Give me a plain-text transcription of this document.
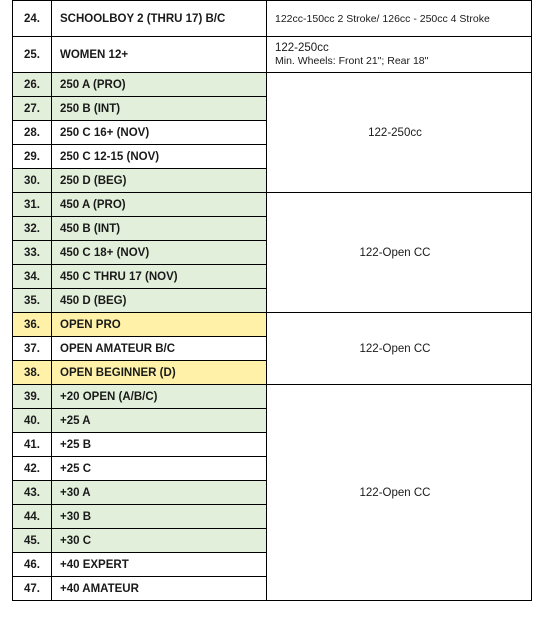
24.	SCHOOLBOY 2 (THRU 17) B/C	122cc-150cc 2 Stroke/ 126cc - 250cc 4 Stroke
25.	WOMEN 12+	122-250cc
Min. Wheels: Front 21"; Rear 18"

26.	250 A (PRO)	122-250cc
27.	250 B (INT)	
28.	250 C 16+ (NOV)	
29.	250 C 12-15 (NOV)	
30.	250 D (BEG)	
31.	450 A (PRO)	122-Open CC
32.	450 B (INT)	
33.	450 C 18+ (NOV)	
34.	450 C THRU 17 (NOV)	
35.	450 D (BEG)	
36.	OPEN PRO	122-Open CC
37.	OPEN AMATEUR B/C	
38.	OPEN BEGINNER (D)	
39.	+20 OPEN (A/B/C)	122-Open CC
40.	+25 A	
41.	+25 B	
42.	+25 C	
43.	+30 A	
44.	+30 B	
45.	+30 C	
46.	+40 EXPERT	
47.	+40 AMATEUR	
